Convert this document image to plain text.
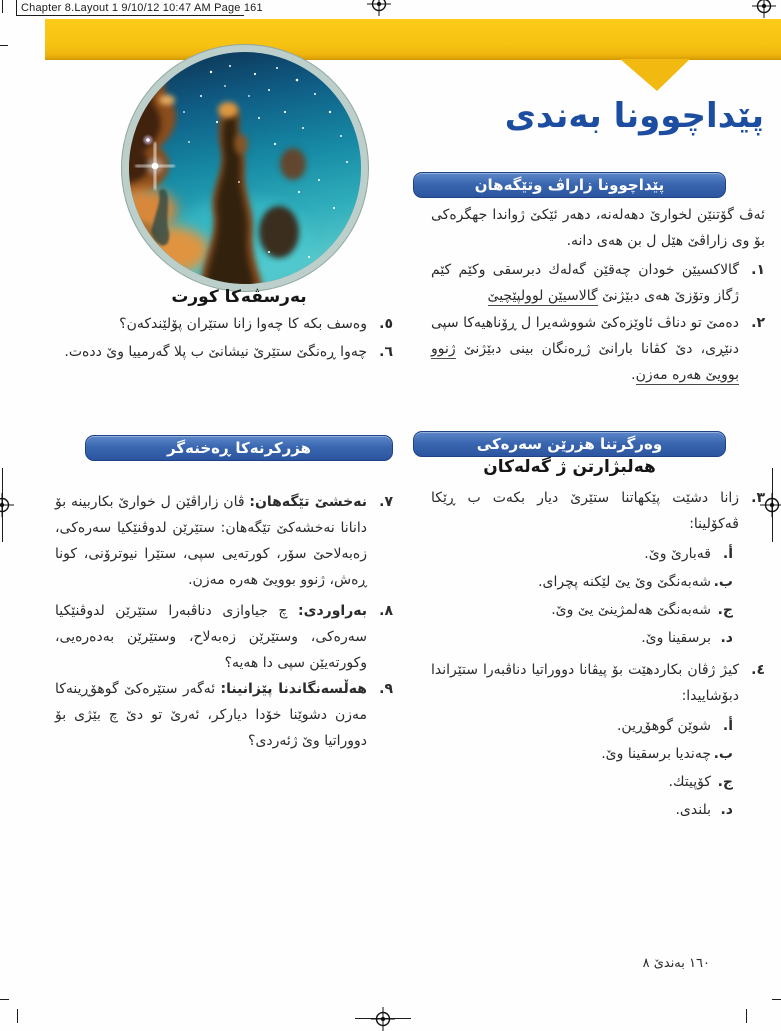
Chapter 8.Layout 1 9/10/12 10:47 AM Page 161
پێداچوونا بەندی
پێداچوونا زاراڤ وتێگەهان
ئەڤ گۆتنێن لخوارێ دهەلەنە، دهەر ئێکێ ژواندا جهگرەکی بۆ وی زاراڤێ هێل ل بن هەی دانە.
١.
گالاکسیێن خودان چەقێن گەلەك دبرسقی وکێم کێم ژگاز وتۆزێ هەی دبێژنێ گالاسیێن لوولپێچیێ
٢.
دەمێ تو دناڤ ئاوێزەکێ شووشەیرا ل ڕۆناهیەکا سپی دنێڕی، دێ کڤانا بارانێ ژڕەنگان بینی دبێژنێ ژنوو بوویێ هەرە مەزن.
وەرگرتنا هزرێن سەرەکی
هەلبژارتن ژ گەلەکان
٣.
زانا دشێت پێکهاتنا ستێرێ دیار بکەت ب ڕێکا ڤەکۆلینا:
أ.
قەبارێ وێ.
ب.
شەبەنگێ وێ یێ لێکنە پچرای.
ج.
شەبەنگێ هەلمژینێ یێ وێ.
د.
برسقینا وێ.
٤.
کیژ ژڤان بکاردهێت بۆ پیڤانا دووراتیا دناڤبەرا ستێراندا دبۆشاییدا:
أ.
شوێن گوهۆڕین.
ب.
چەندیا برسقینا وێ.
ج.
کۆپیتك.
د.
بلندی.
بەرسڤەکا کورت
٥.
وەسف بکە کا چەوا زانا ستێران پۆلێندکەن؟
٦.
چەوا ڕەنگێ ستێرێ نیشانێ ب پلا گەرمییا وێ ددەت.
هزرکرنەکا ڕەخنەگر
٧.
نەخشێ تێگەهان: ڤان زاراڤێن ل خوارێ بکاربینە بۆ دانانا نەخشەکێ تێگەهان: ستێرێن لدوڤنێکیا سەرەکی، زەبەلاحێ سۆر، کورتەیی سپی، ستێرا نیوترۆنی، کونا ڕەش، ژنوو بوویێ هەرە مەزن.
٨.
بەراوردی: چ جیاوازی دناڤبەرا ستێرێن لدوڤنێکیا سەرەکی، وستێرێن زەبەلاح، وستێرێن بەدەرەیی، وکورتەیێن سپی دا هەیە؟
٩.
هەڵسەنگاندنا پێزانینا: ئەگەر ستێرەکێ گوهۆڕینەکا مەزن دشوێنا خۆدا دیارکر، ئەرێ تو دێ چ بێژی بۆ دووراتیا وێ ژئەردی؟
١٦٠ بەندێ ٨
